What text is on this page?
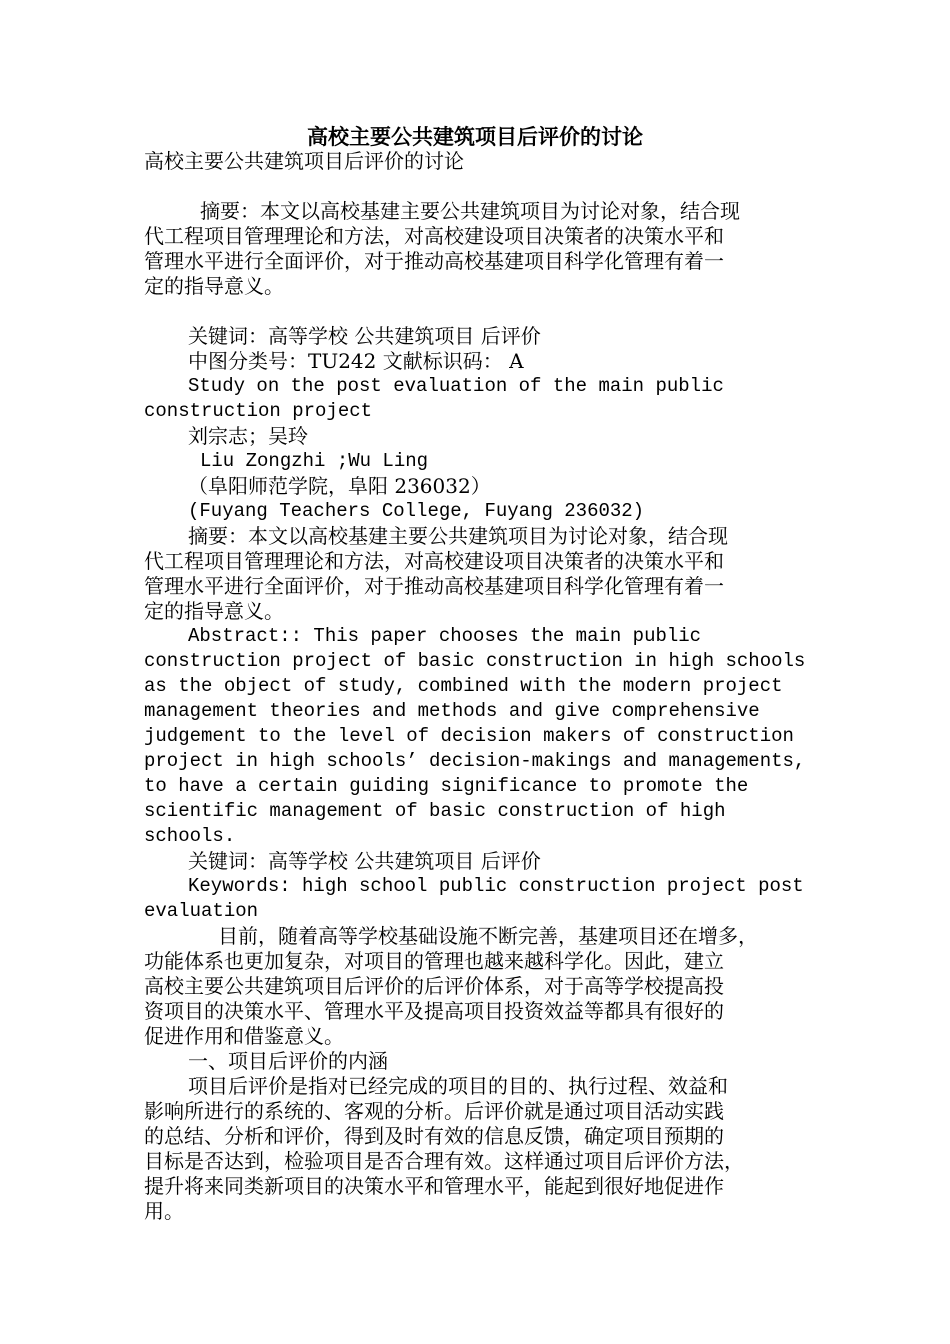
高校主要公共建筑项目后评价的讨论
高校主要公共建筑项目后评价的讨论
摘要：本文以高校基建主要公共建筑项目为讨论对象，结合现
代工程项目管理理论和方法，对高校建设项目决策者的决策水平和
管理水平进行全面评价，对于推动高校基建项目科学化管理有着一
定的指导意义。
关键词：高等学校 公共建筑项目 后评价
中图分类号：TU242 文献标识码： A
Study on the post evaluation of the main public
construction project
刘宗志；吴玲
Liu Zongzhi ;Wu Ling
（阜阳师范学院，阜阳 236032）
(Fuyang Teachers College, Fuyang 236032)
摘要：本文以高校基建主要公共建筑项目为讨论对象，结合现
代工程项目管理理论和方法，对高校建设项目决策者的决策水平和
管理水平进行全面评价，对于推动高校基建项目科学化管理有着一
定的指导意义。
Abstract:: This paper chooses the main public
construction project of basic construction in high schools
as the object of study, combined with the modern project
management theories and methods and give comprehensive
judgement to the level of decision makers of construction
project in high schools’ decision-makings and managements,
to have a certain guiding significance to promote the
scientific management of basic construction of high
schools.
关键词：高等学校 公共建筑项目 后评价
Keywords: high school public construction project post
evaluation
目前，随着高等学校基础设施不断完善，基建项目还在增多，
功能体系也更加复杂，对项目的管理也越来越科学化。因此，建立
高校主要公共建筑项目后评价的后评价体系，对于高等学校提高投
资项目的决策水平、管理水平及提高项目投资效益等都具有很好的
促进作用和借鉴意义。
一、项目后评价的内涵
项目后评价是指对已经完成的项目的目的、执行过程、效益和
影响所进行的系统的、客观的分析。后评价就是通过项目活动实践
的总结、分析和评价，得到及时有效的信息反馈，确定项目预期的
目标是否达到，检验项目是否合理有效。这样通过项目后评价方法，
提升将来同类新项目的决策水平和管理水平，能起到很好地促进作
用。
